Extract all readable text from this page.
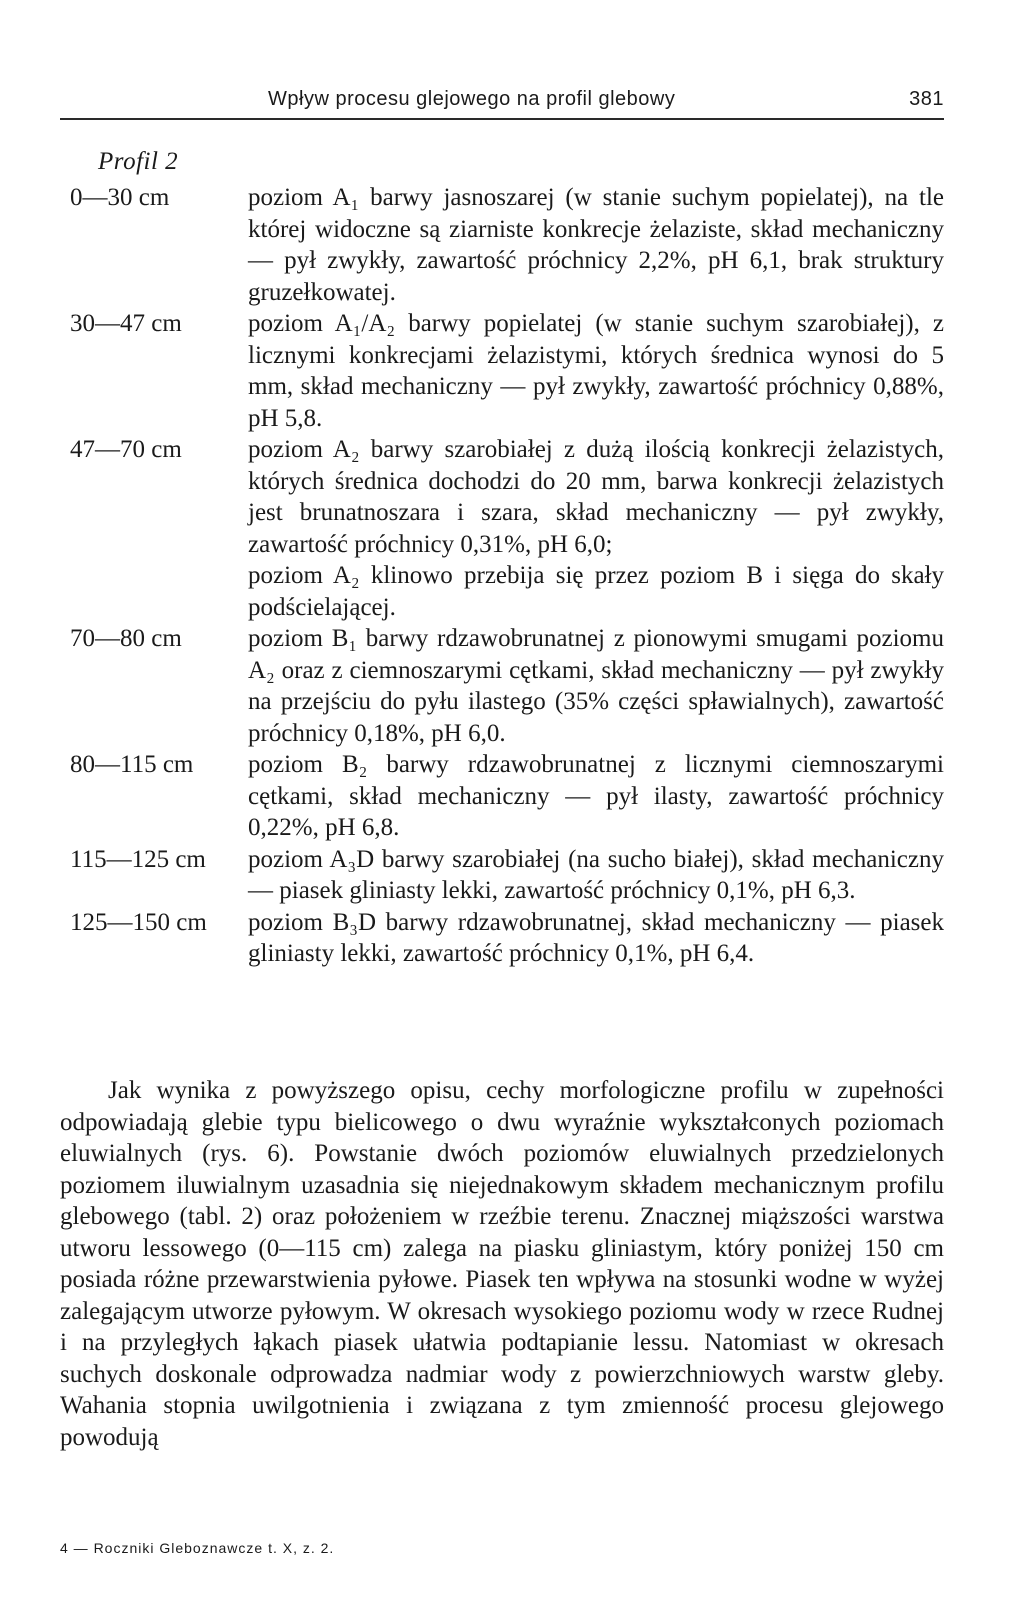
Wpływ procesu glejowego na profil glebowy	381
Profil 2
0—30 cm	poziom A₁ barwy jasnoszarej (w stanie suchym popielatej), na tle której widoczne są ziarniste konkrecje żelaziste, skład mechaniczny — pył zwykły, zawartość próchnicy 2,2%, pH 6,1, brak struktury gruzełkowatej.

30—47 cm	poziom A₁/A₂ barwy popielatej (w stanie suchym szarobiałej), z licznymi konkrecjami żelazistymi, których średnica wynosi do 5 mm, skład mechaniczny — pył zwykły, zawartość próchnicy 0,88%, pH 5,8.

47—70 cm	poziom A₂ barwy szarobiałej z dużą ilością konkrecji żelazistych, których średnica dochodzi do 20 mm, barwa konkrecji żelazistych jest brunatnoszara i szara, skład mechaniczny — pył zwykły, zawartość próchnicy 0,31%, pH 6,0;

poziom A₂ klinowo przebija się przez poziom B i sięga do skały podścielającej.

70—80 cm	poziom B₁ barwy rdzawobrunatnej z pionowymi smugami poziomu A₂ oraz z ciemnoszarymi cętkami, skład mechaniczny — pył zwykły na przejściu do pyłu ilastego (35% części spławialnych), zawartość próchnicy 0,18%, pH 6,0.

80—115 cm	poziom B₂ barwy rdzawobrunatnej z licznymi ciemnoszarymi cętkami, skład mechaniczny — pył ilasty, zawartość próchnicy 0,22%, pH 6,8.

115—125 cm	poziom A₃D barwy szarobiałej (na sucho białej), skład mechaniczny — piasek gliniasty lekki, zawartość próchnicy 0,1%, pH 6,3.

125—150 cm	poziom B₃D barwy rdzawobrunatnej, skład mechaniczny — piasek gliniasty lekki, zawartość próchnicy 0,1%, pH 6,4.

Jak wynika z powyższego opisu, cechy morfologiczne profilu w zupełności odpowiadają glebie typu bielicowego o dwu wyraźnie wykształconych poziomach eluwialnych (rys. 6). Powstanie dwóch poziomów eluwialnych przedzielonych poziomem iluwialnym uzasadnia się niejednakowym składem mechanicznym profilu glebowego (tabl. 2) oraz położeniem w rzeźbie terenu. Znacznej miąższości warstwa utworu lessowego (0—115 cm) zalega na piasku gliniastym, który poniżej 150 cm posiada różne przewarstwienia pyłowe. Piasek ten wpływa na stosunki wodne w wyżej zalegającym utworze pyłowym. W okresach wysokiego poziomu wody w rzece Rudnej i na przyległych łąkach piasek ułatwia podtapianie lessu. Natomiast w okresach suchych doskonale odprowadza nadmiar wody z powierzchniowych warstw gleby. Wahania stopnia uwilgotnienia i związana z tym zmienność procesu glejowego powodują

4 — Roczniki Gleboznawcze t. X, z. 2.
